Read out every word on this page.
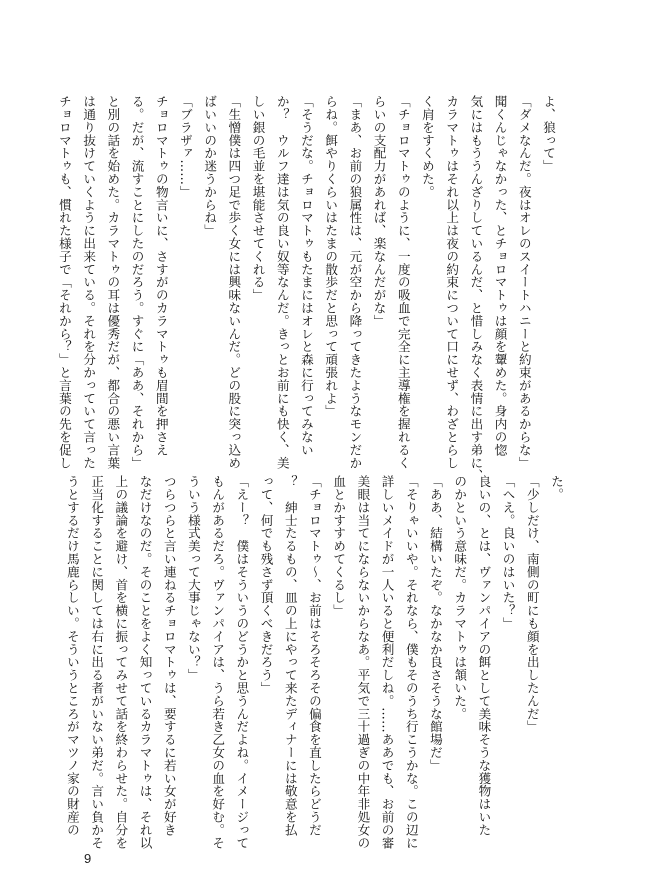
よ、狼って」
「ダメなんだ。夜はオレのスイートハニーと約束があるからな」
聞くんじゃなかった、とチョロマトゥは顔を顰めた。身内の惚
気にはもううんざりしているんだ、と惜しみなく表情に出す弟に、
カラマトゥはそれ以上は夜の約束について口にせず、わざとらし
く肩をすくめた。
「チョロマトゥのように、一度の吸血で完全に主導権を握れるく
らいの支配力があれば、楽なんだがな」
「まあ、お前の狼属性は、元が空から降ってきたようなモンだか
らね。餌やりくらいはたまの散歩だと思って頑張れよ」
「そうだな。チョロマトゥもたまにはオレと森に行ってみない
か？　ウルフ達は気の良い奴等なんだ。きっとお前にも快く、美
しい銀の毛並を堪能させてくれる」
「生憎僕は四つ足で歩く女には興味ないんだ。どの股に突っ込め
ばいいのか迷うからね」
「ブラザァ……」
チョロマトゥの物言いに、さすがのカラマトゥも眉間を押さえ
る。だが、流すことにしたのだろう。すぐに「ああ、それから」
と別の話を始めた。カラマトゥの耳は優秀だが、都合の悪い言葉
は通り抜けていくように出来ている。それを分かっていて言った
チョロマトゥも、慣れた様子で「それから？」と言葉の先を促し
た。
「少しだけ、南側の町にも顔を出したんだ」
「へえ。良いのはいた？」
良いの、とは、ヴァンパイアの餌として美味そうな獲物はいた
のかという意味だ。カラマトゥは頷いた。
「ああ、結構いたぞ。なかなか良さそうな館場だ」
「そりゃいいや。それなら、僕もそのうち行こうかな。この辺に
詳しいメイドが一人いると便利だしね。……ああでも、お前の審
美眼は当てにならないからなあ。平気で三十過ぎの中年非処女の
血とかすすめてくるし」
「チョロマトゥ～、お前はそろそろその偏食を直したらどうだ
？　紳士たるもの、皿の上にやって来たディナーには敬意を払
って、何でも残さず頂くべきだろう」
「えー？　僕はそういうのどうかと思うんだよね。イメージって
もんがあるだろ。ヴァンパイアは、うら若き乙女の血を好む。そ
ういう様式美って大事じゃない？」
つらつらと言い連ねるチョロマトゥは、要するに若い女が好き
なだけなのだ。そのことをよく知っているカラマトゥは、それ以
上の議論を避け、首を横に振ってみせて話を終わらせた。自分を
正当化することに関しては右に出る者がいない弟だ。言い負かそ
うとするだけ馬鹿らしい。そういうところがマツノ家の財産の
9
